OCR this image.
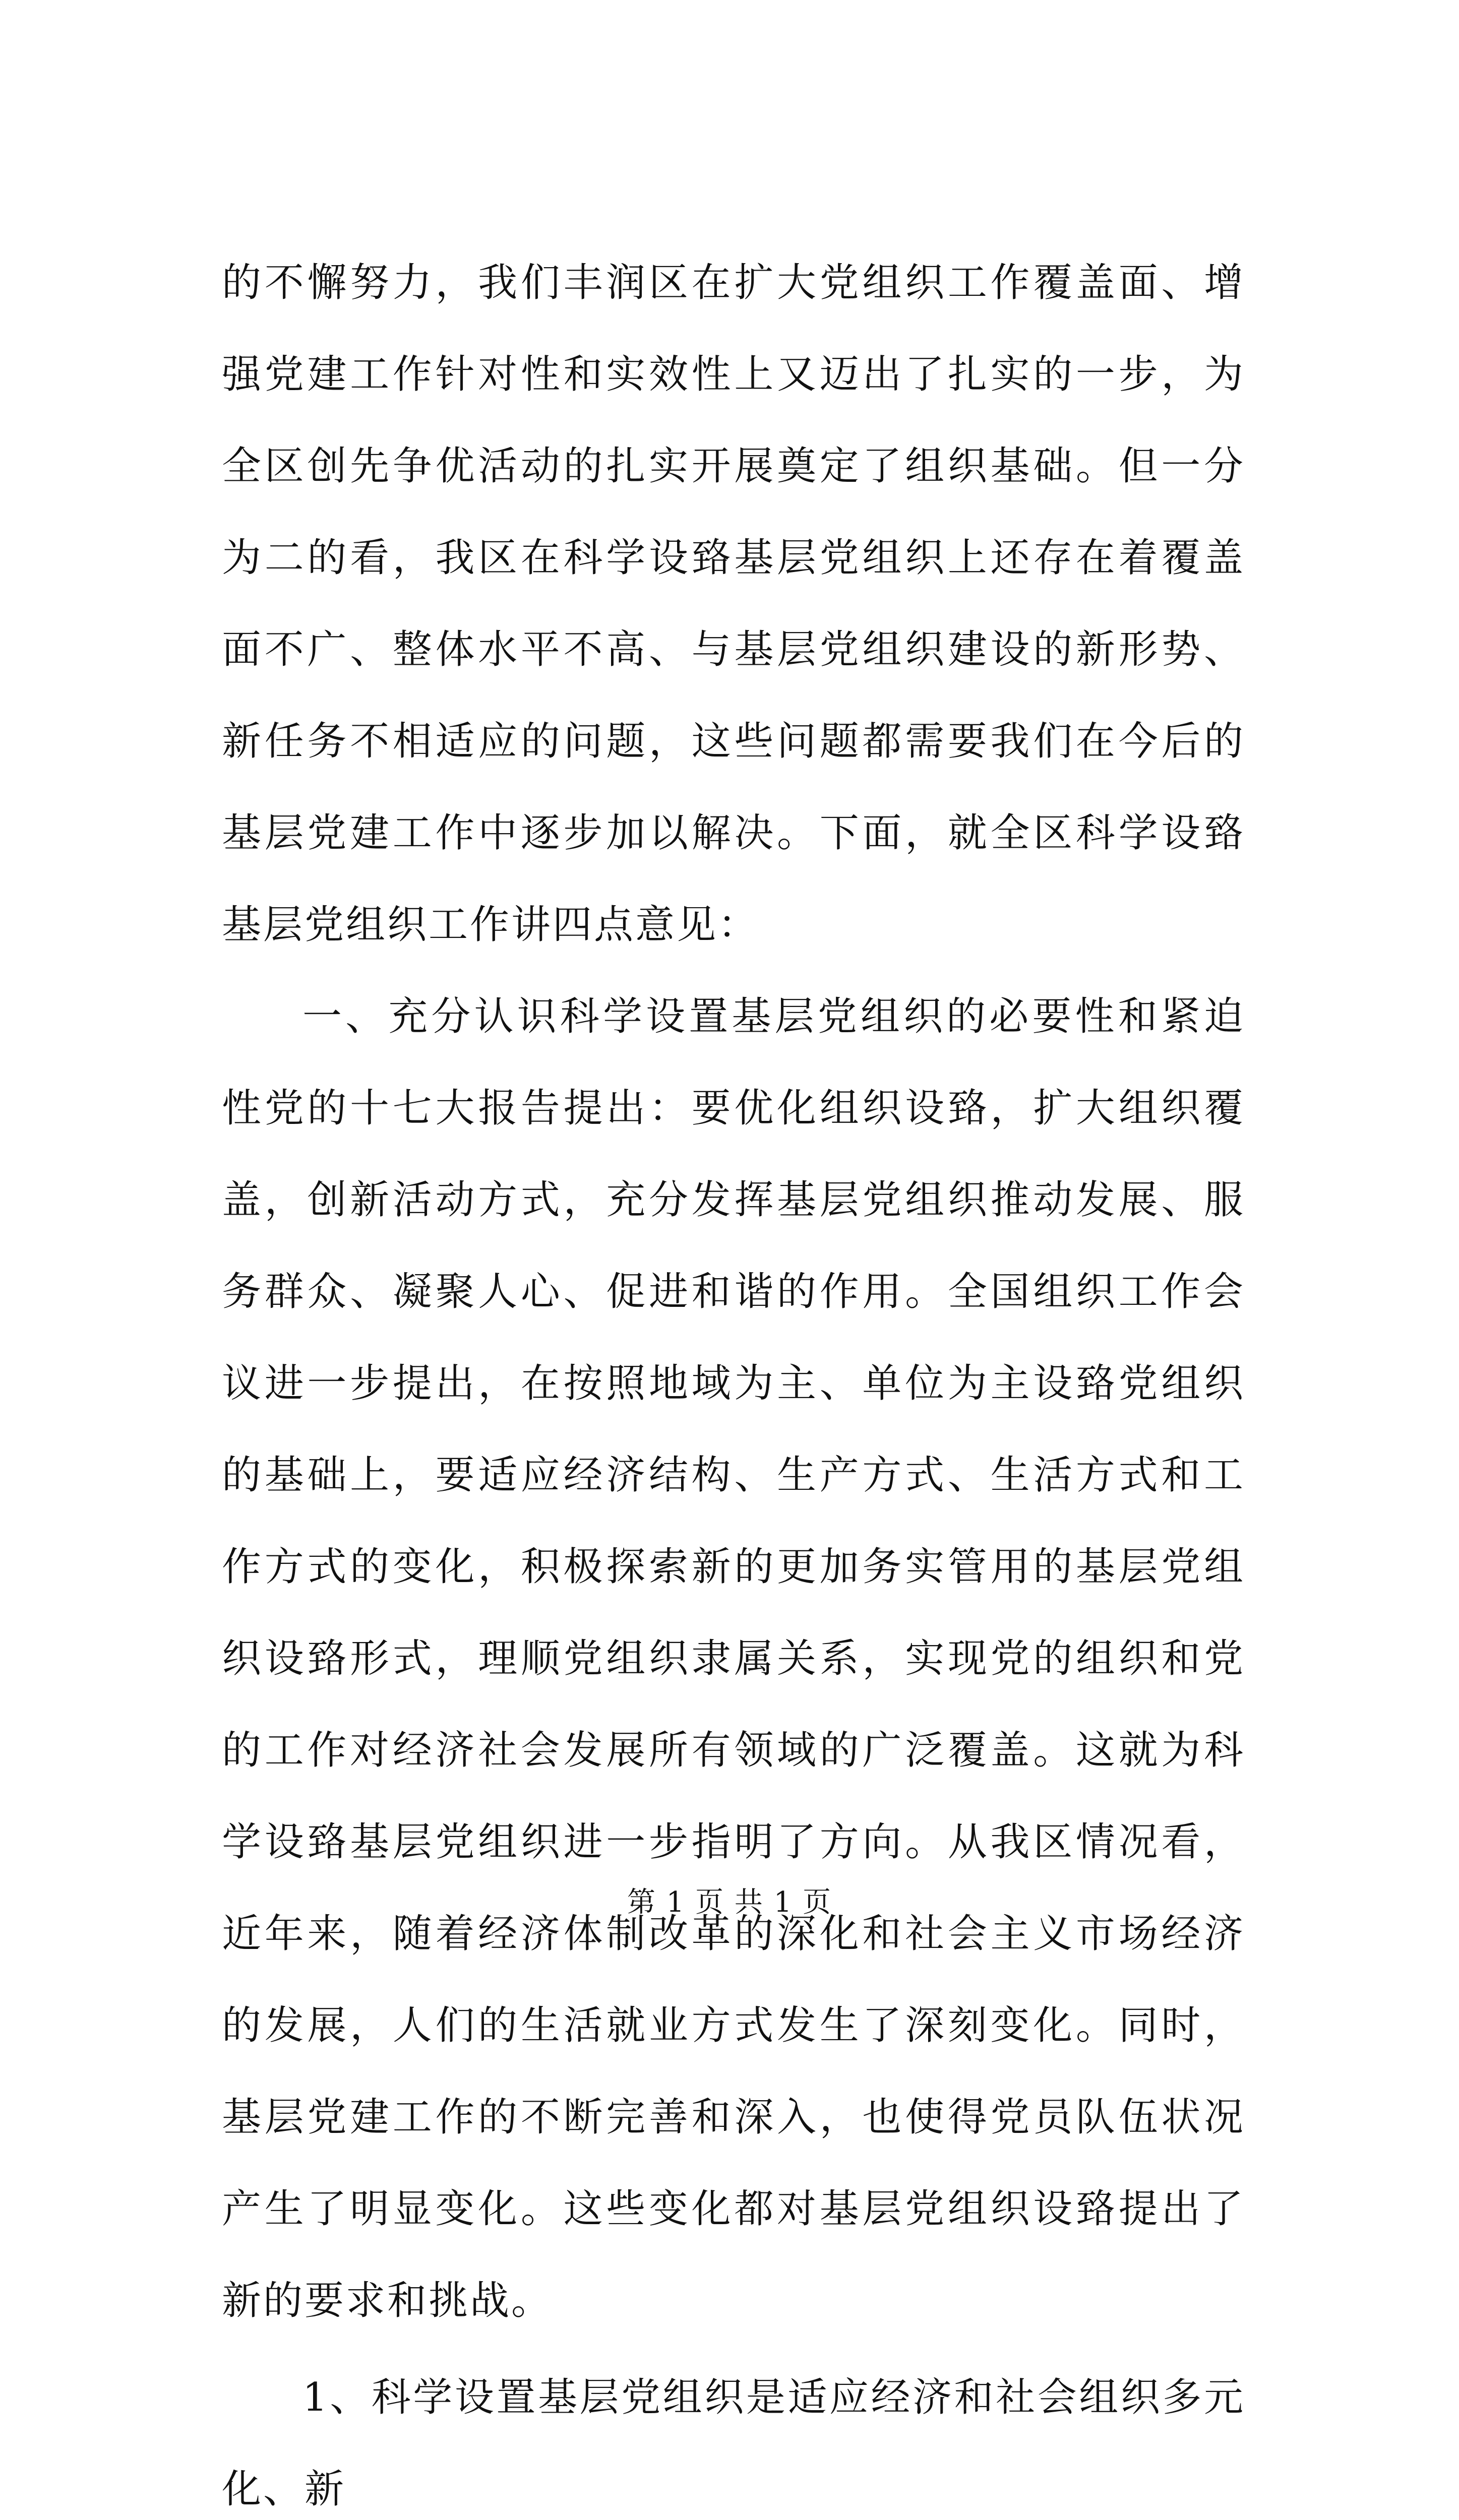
的不懈努力，我们丰润区在扩大党组织工作覆盖面、增强党建工作针对性和实效性上又迈出了扎实的一步，为全区创先争优活动的扎实开展奠定了组织基础。但一分为二的看，我区在科学设臵基层党组织上还存在着覆盖面不广、整体水平不高、与基层党组织建设的新形势、新任务不相适应的问题，这些问题都需要我们在今后的基层党建工作中逐步加以解决。下面，就全区科学设臵基层党组织工作讲四点意见：

一、充分认识科学设置基层党组织的必要性和紧迫性党的十七大报告提出：要优化组织设臵，扩大组织覆盖，创新活动方式，充分发挥基层党组织推动发展、服务群众、凝聚人心、促进和谐的作用。全国组织工作会议进一步提出，在按照地域为主、单位为主设臵党组织的基础上，要适应经济结构、生产方式、生活方式和工作方式的变化，积极探索新的更加务实管用的基层党组织设臵形式，理顺党组织隶属关系，实现党的组织和党的工作对经济社会发展所有领域的广泛覆盖。这就为科学设臵基层党组织进一步指明了方向。从我区情况看，近年来，随着经济体制改革的深化和社会主义市场经济的发展，人们的生活就业方式发生了深刻变化。同时，基层党建工作的不断完善和深入，也使得党员队伍状况产生了明显变化。这些变化都对基层党组织设臵提出了新的要求和挑战。

1、科学设置基层党组织是适应经济和社会组织多元化、新

第 1 页 共 1 页
